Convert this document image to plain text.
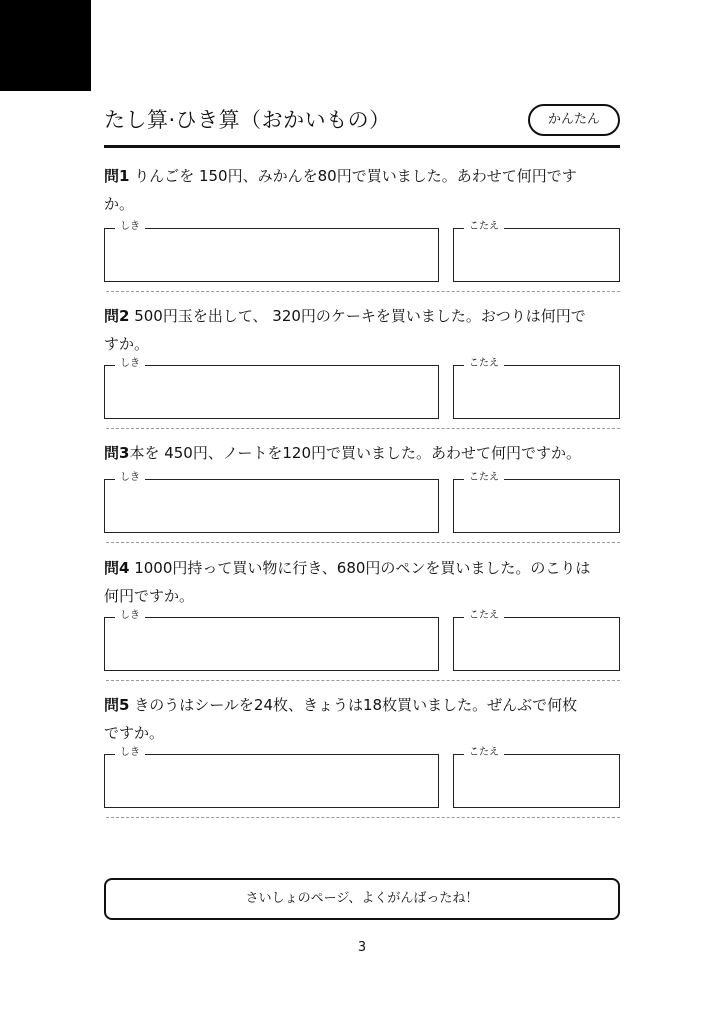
たし算·ひき算（おかいもの）	かんたん
問1 りんごを 150円、みかんを80円で買いました。あわせて何円です
か。
しき	こたえ
問2 500円玉を出して、 320円のケーキを買いました。おつりは何円で
すか。
しき	こたえ
問3本を 450円、ノートを120円で買いました。あわせて何円ですか。
しき	こたえ
問4 1000円持って買い物に行き、680円のペンを買いました。のこりは
何円ですか。
しき	こたえ
問5 きのうはシールを24枚、きょうは18枚買いました。ぜんぶで何枚
ですか。
しき	こたえ
さいしょのページ、よくがんばったね！
3
